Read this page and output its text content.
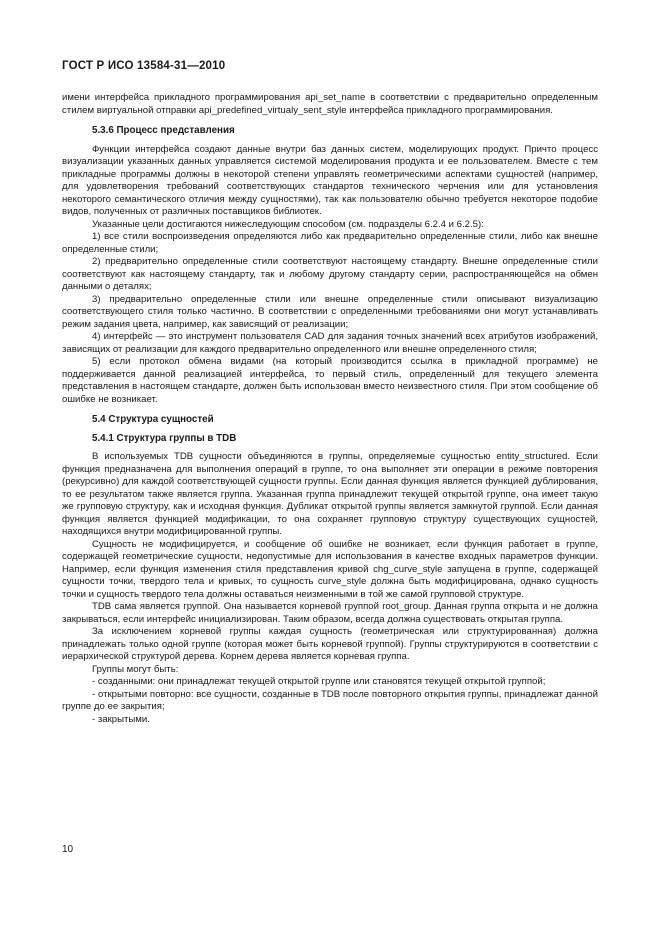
ГОСТ Р ИСО 13584-31—2010

имени интерфейса прикладного программирования api_set_name в соответствии с предварительно определенным стилем виртуальной отправки api_predefined_virtualy_sent_style интерфейса прикладного программирования.

5.3.6 Процесс представления

Функции интерфейса создают данные внутри баз данных систем, моделирующих продукт. Причто процесс визуализации указанных данных управляется системой моделирования продукта и ее пользователем. Вместе с тем прикладные программы должны в некоторой степени управлять геометрическими аспектами сущностей (например, для удовлетворения требований соответствующих стандартов технического черчения или для установления некоторого семантического отличия между сущностями), так как пользователю обычно требуется некоторое подобие видов, полученных от различных поставщиков библиотек.

Указанные цели достигаются нижеследующим способом (см. подразделы 6.2.4 и 6.2.5):

1) все стили воспроизведения определяются либо как предварительно определенные стили, либо как внешне определенные стили;

2) предварительно определенные стили соответствуют настоящему стандарту. Внешне определенные стили соответствуют как настоящему стандарту, так и любому другому стандарту серии, распространяющейся на обмен данными о деталях;

3) предварительно определенные стили или внешне определенные стили описывают визуализацию соответствующего стиля только частично. В соответствии с определенными требованиями они могут устанавливать режим задания цвета, например, как зависящий от реализации;

4) интерфейс — это инструмент пользователя CAD для задания точных значений всех атрибутов изображений, зависящих от реализации для каждого предварительно определенного или внешне определенного стиля;

5) если протокол обмена видами (на который производится ссылка в прикладной программе) не поддерживается данной реализацией интерфейса, то первый стиль, определенный для текущего элемента представления в настоящем стандарте, должен быть использован вместо неизвестного стиля. При этом сообщение об ошибке не возникает.

5.4 Структура сущностей
5.4.1 Структура группы в TDB

В используемых TDB сущности объединяются в группы, определяемые сущностью entity_structured. Если функция предназначена для выполнения операций в группе, то она выполняет эти операции в режиме повторения (рекурсивно) для каждой соответствующей сущности группы. Если данная функция является функцией дублирования, то ее результатом также является группа. Указанная группа принадлежит текущей открытой группе, она имеет такую же групповую структуру, как и исходная функция. Дубликат открытой группы является замкнутой группой. Если данная функция является функцией модификации, то она сохраняет групповую структуру существующих сущностей, находящихся внутри модифицированной группы.

Сущность не модифицируется, и сообщение об ошибке не возникает, если функция работает в группе, содержащей геометрические сущности, недопустимые для использования в качестве входных параметров функции. Например, если функция изменения стиля представления кривой chg_curve_style запущена в группе, содержащей сущности точки, твердого тела и кривых, то сущность curve_style должна быть модифицирована, однако сущность точки и сущность твердого тела должны оставаться неизменными в той же самой групповой структуре.

TDB сама является группой. Она называется корневой группой root_group. Данная группа открыта и не должна закрываться, если интерфейс инициализирован. Таким образом, всегда должна существовать открытая группа.

За исключением корневой группы каждая сущность (геометрическая или структурированная) должна принадлежать только одной группе (которая может быть корневой группой). Группы структурируются в соответствии с иерархической структурой дерева. Корнем дерева является корневая группа.

Группы могут быть:

- созданными: они принадлежат текущей открытой группе или становятся текущей открытой группой;

- открытыми повторно: все сущности, созданные в TDB после повторного открытия группы, принадлежат данной группе до ее закрытия;

- закрытыми.

10
